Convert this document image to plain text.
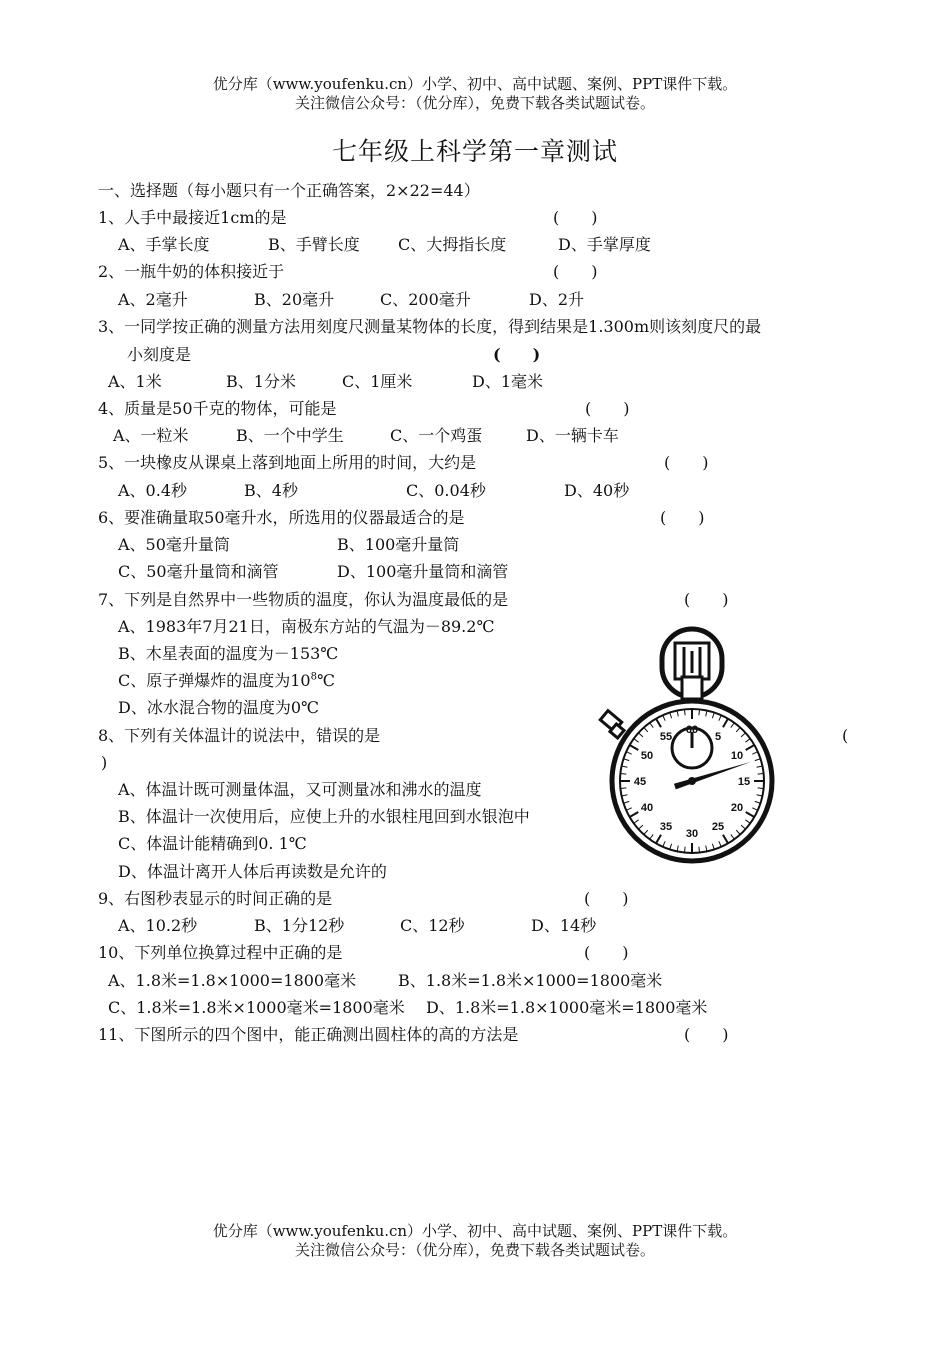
优分库（www.youfenku.cn）小学、初中、高中试题、案例、PPT课件下载。
关注微信公众号：（优分库），免费下载各类试题试卷。
七年级上科学第一章测试
一、选择题（每小题只有一个正确答案，2×22=44）
1、人手中最接近1cm的是	(　　)
A、手掌长度	B、手臂长度 C、大拇指长度	D、手掌厚度
2、一瓶牛奶的体积接近于	(　　)
A、2毫升	B、20毫升	C、200毫升	D、2升
3、一同学按正确的测量方法用刻度尺测量某物体的长度，得到结果是1.300m则该刻度尺的最
小刻度是	(　　)
A、1米	B、1分米	C、1厘米	D、1毫米
4、质量是50千克的物体，可能是	(　　)
A、一粒米	B、一个中学生	C、一个鸡蛋	D、一辆卡车
5、一块橡皮从课桌上落到地面上所用的时间，大约是	(　　)
A、0.4秒	B、4秒	C、0.04秒	D、40秒
6、要准确量取50毫升水，所选用的仪器最适合的是	(　　)
A、50毫升量筒	B、100毫升量筒
C、50毫升量筒和滴管	D、100毫升量筒和滴管
7、下列是自然界中一些物质的温度，你认为温度最低的是	(　　)
A、1983年7月21日，南极东方站的气温为－89.2℃
B、木星表面的温度为－153℃
C、原子弹爆炸的温度为$10^8℃$
D、冰水混合物的温度为0℃
8、下列有关体温计的说法中，错误的是	(
)
A、体温计既可测量体温，又可测量冰和沸水的温度
B、体温计一次使用后，应使上升的水银柱甩回到水银泡中
C、体温计能精确到0. 1℃
D、体温计离开人体后再读数是允许的
9、右图秒表显示的时间正确的是	(　　)
A、10.2秒	B、1分12秒	C、12秒	D、14秒
10、下列单位换算过程中正确的是	(　　)
A、1.8米=1.8×1000=1800毫米	B、1.8米=1.8米×1000=1800毫米
C、1.8米=1.8米×1000毫米=1800毫米 D、1.8米=1.8×1000毫米=1800毫米
11、下图所示的四个图中，能正确测出圆柱体的高的方法是	(　　)
60
5
10
15
20
25
30
35
40
45
50
55
优分库（www.youfenku.cn）小学、初中、高中试题、案例、PPT课件下载。
关注微信公众号：（优分库），免费下载各类试题试卷。
